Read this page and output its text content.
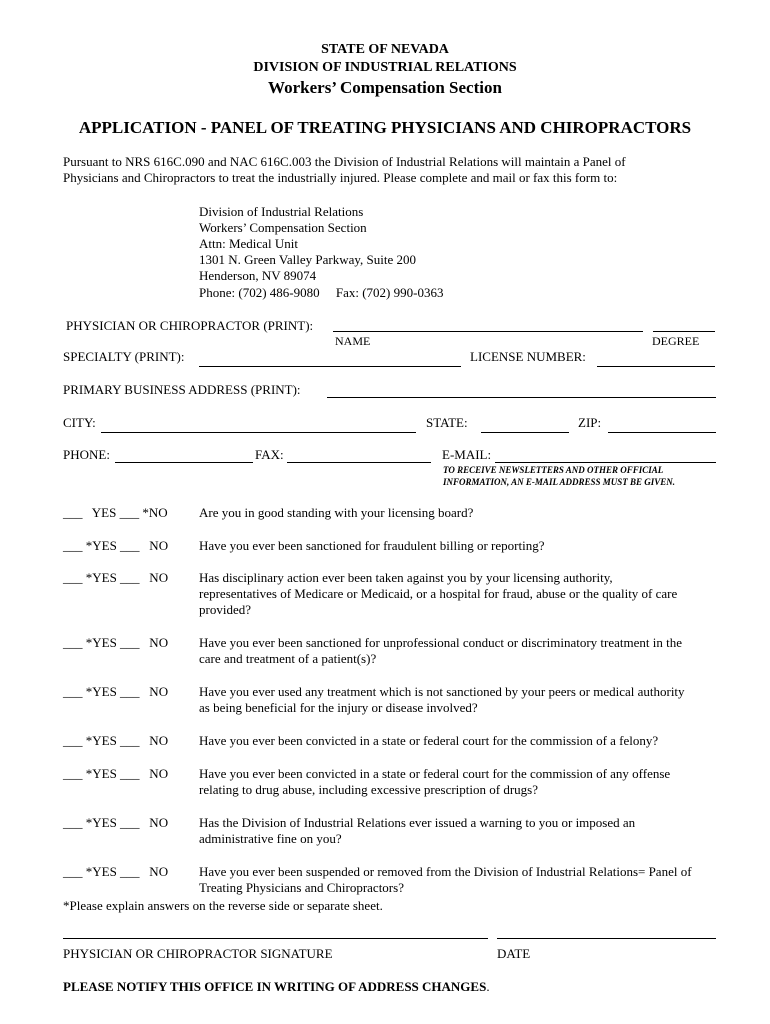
STATE OF NEVADA
DIVISION OF INDUSTRIAL RELATIONS
Workers’ Compensation Section
APPLICATION - PANEL OF TREATING PHYSICIANS AND CHIROPRACTORS
Pursuant to NRS 616C.090 and NAC 616C.003 the Division of Industrial Relations will maintain a Panel of
Physicians and Chiropractors to treat the industrially injured. Please complete and mail or fax this form to:
Division of Industrial Relations
Workers’ Compensation Section
Attn: Medical Unit
1301 N. Green Valley Parkway, Suite 200
Henderson, NV 89074
Phone: (702) 486-9080     Fax: (702) 990-0363
PHYSICIAN OR CHIROPRACTOR (PRINT):
NAME	DEGREE
SPECIALTY (PRINT):	LICENSE NUMBER:
PRIMARY BUSINESS ADDRESS (PRINT):
CITY:	STATE:	ZIP:
PHONE:	FAX:	E-MAIL:
TO RECEIVE NEWSLETTERS AND OTHER OFFICIAL
INFORMATION, AN E-MAIL ADDRESS MUST BE GIVEN.
___   YES ___ *NO Are you in good standing with your licensing board?
___ *YES ___   NO Have you ever been sanctioned for fraudulent billing or reporting?
___ *YES ___   NO Has disciplinary action ever been taken against you by your licensing authority,
representatives of Medicare or Medicaid, or a hospital for fraud, abuse or the quality of care
provided?
___ *YES ___   NO Have you ever been sanctioned for unprofessional conduct or discriminatory treatment in the
care and treatment of a patient(s)?
___ *YES ___   NO Have you ever used any treatment which is not sanctioned by your peers or medical authority
as being beneficial for the injury or disease involved?
___ *YES ___   NO Have you ever been convicted in a state or federal court for the commission of a felony?
___ *YES ___   NO Have you ever been convicted in a state or federal court for the commission of any offense
relating to drug abuse, including excessive prescription of drugs?
___ *YES ___   NO Has the Division of Industrial Relations ever issued a warning to you or imposed an
administrative fine on you?
___ *YES ___   NO Have you ever been suspended or removed from the Division of Industrial Relations= Panel of
Treating Physicians and Chiropractors?
*Please explain answers on the reverse side or separate sheet.
PHYSICIAN OR CHIROPRACTOR SIGNATURE	DATE
PLEASE NOTIFY THIS OFFICE IN WRITING OF ADDRESS CHANGES.
